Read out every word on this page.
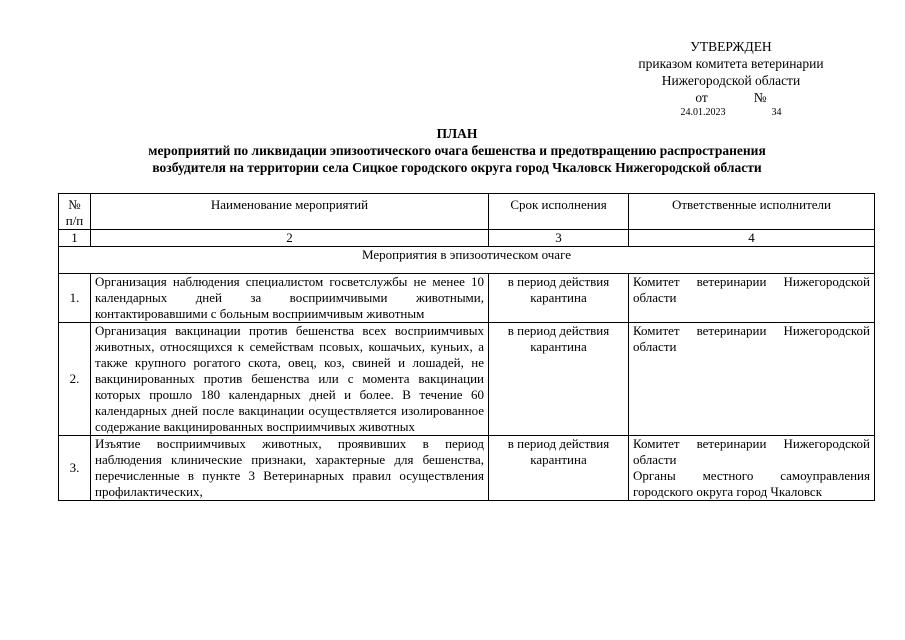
УТВЕРЖДЕН
приказом комитета ветеринарии
Нижегородской области
от	№
24.01.2023	34
ПЛАН
мероприятий по ликвидации эпизоотического очага бешенства и предотвращению распространения
возбудителя на территории села Сицкое городского округа город Чкаловск Нижегородской области
№ п/п	Наименование мероприятий	Срок исполнения	Ответственные исполнители
1	2	3	4
Мероприятия в эпизоотическом очаге			
1.	Организация наблюдения специалистом госветслужбы не менее 10 календарных дней за восприимчивыми животными, контактировавшими с больным восприимчивым животным	в период действия карантина	Комитет ветеринарии Нижегородской области

2.	Организация вакцинации против бешенства всех восприимчивых животных, относящихся к семействам псовых, кошачьих, куньих, а также крупного рогатого скота, овец, коз, свиней и лошадей, не вакцинированных против бешенства или с момента вакцинации которых прошло 180 календарных дней и более. В течение 60 календарных дней после вакцинации осуществляется изолированное содержание вакцинированных восприимчивых животных	в период действия карантина	Комитет ветеринарии Нижегородской области

3.	Изъятие восприимчивых животных, проявивших в период наблюдения клинические признаки, характерные для бешенства, перечисленные в пункте 3 Ветеринарных правил осуществления профилактических,	в период действия карантина	Комитет ветеринарии Нижегородской области
Органы местного самоуправления городского округа город Чкаловск
